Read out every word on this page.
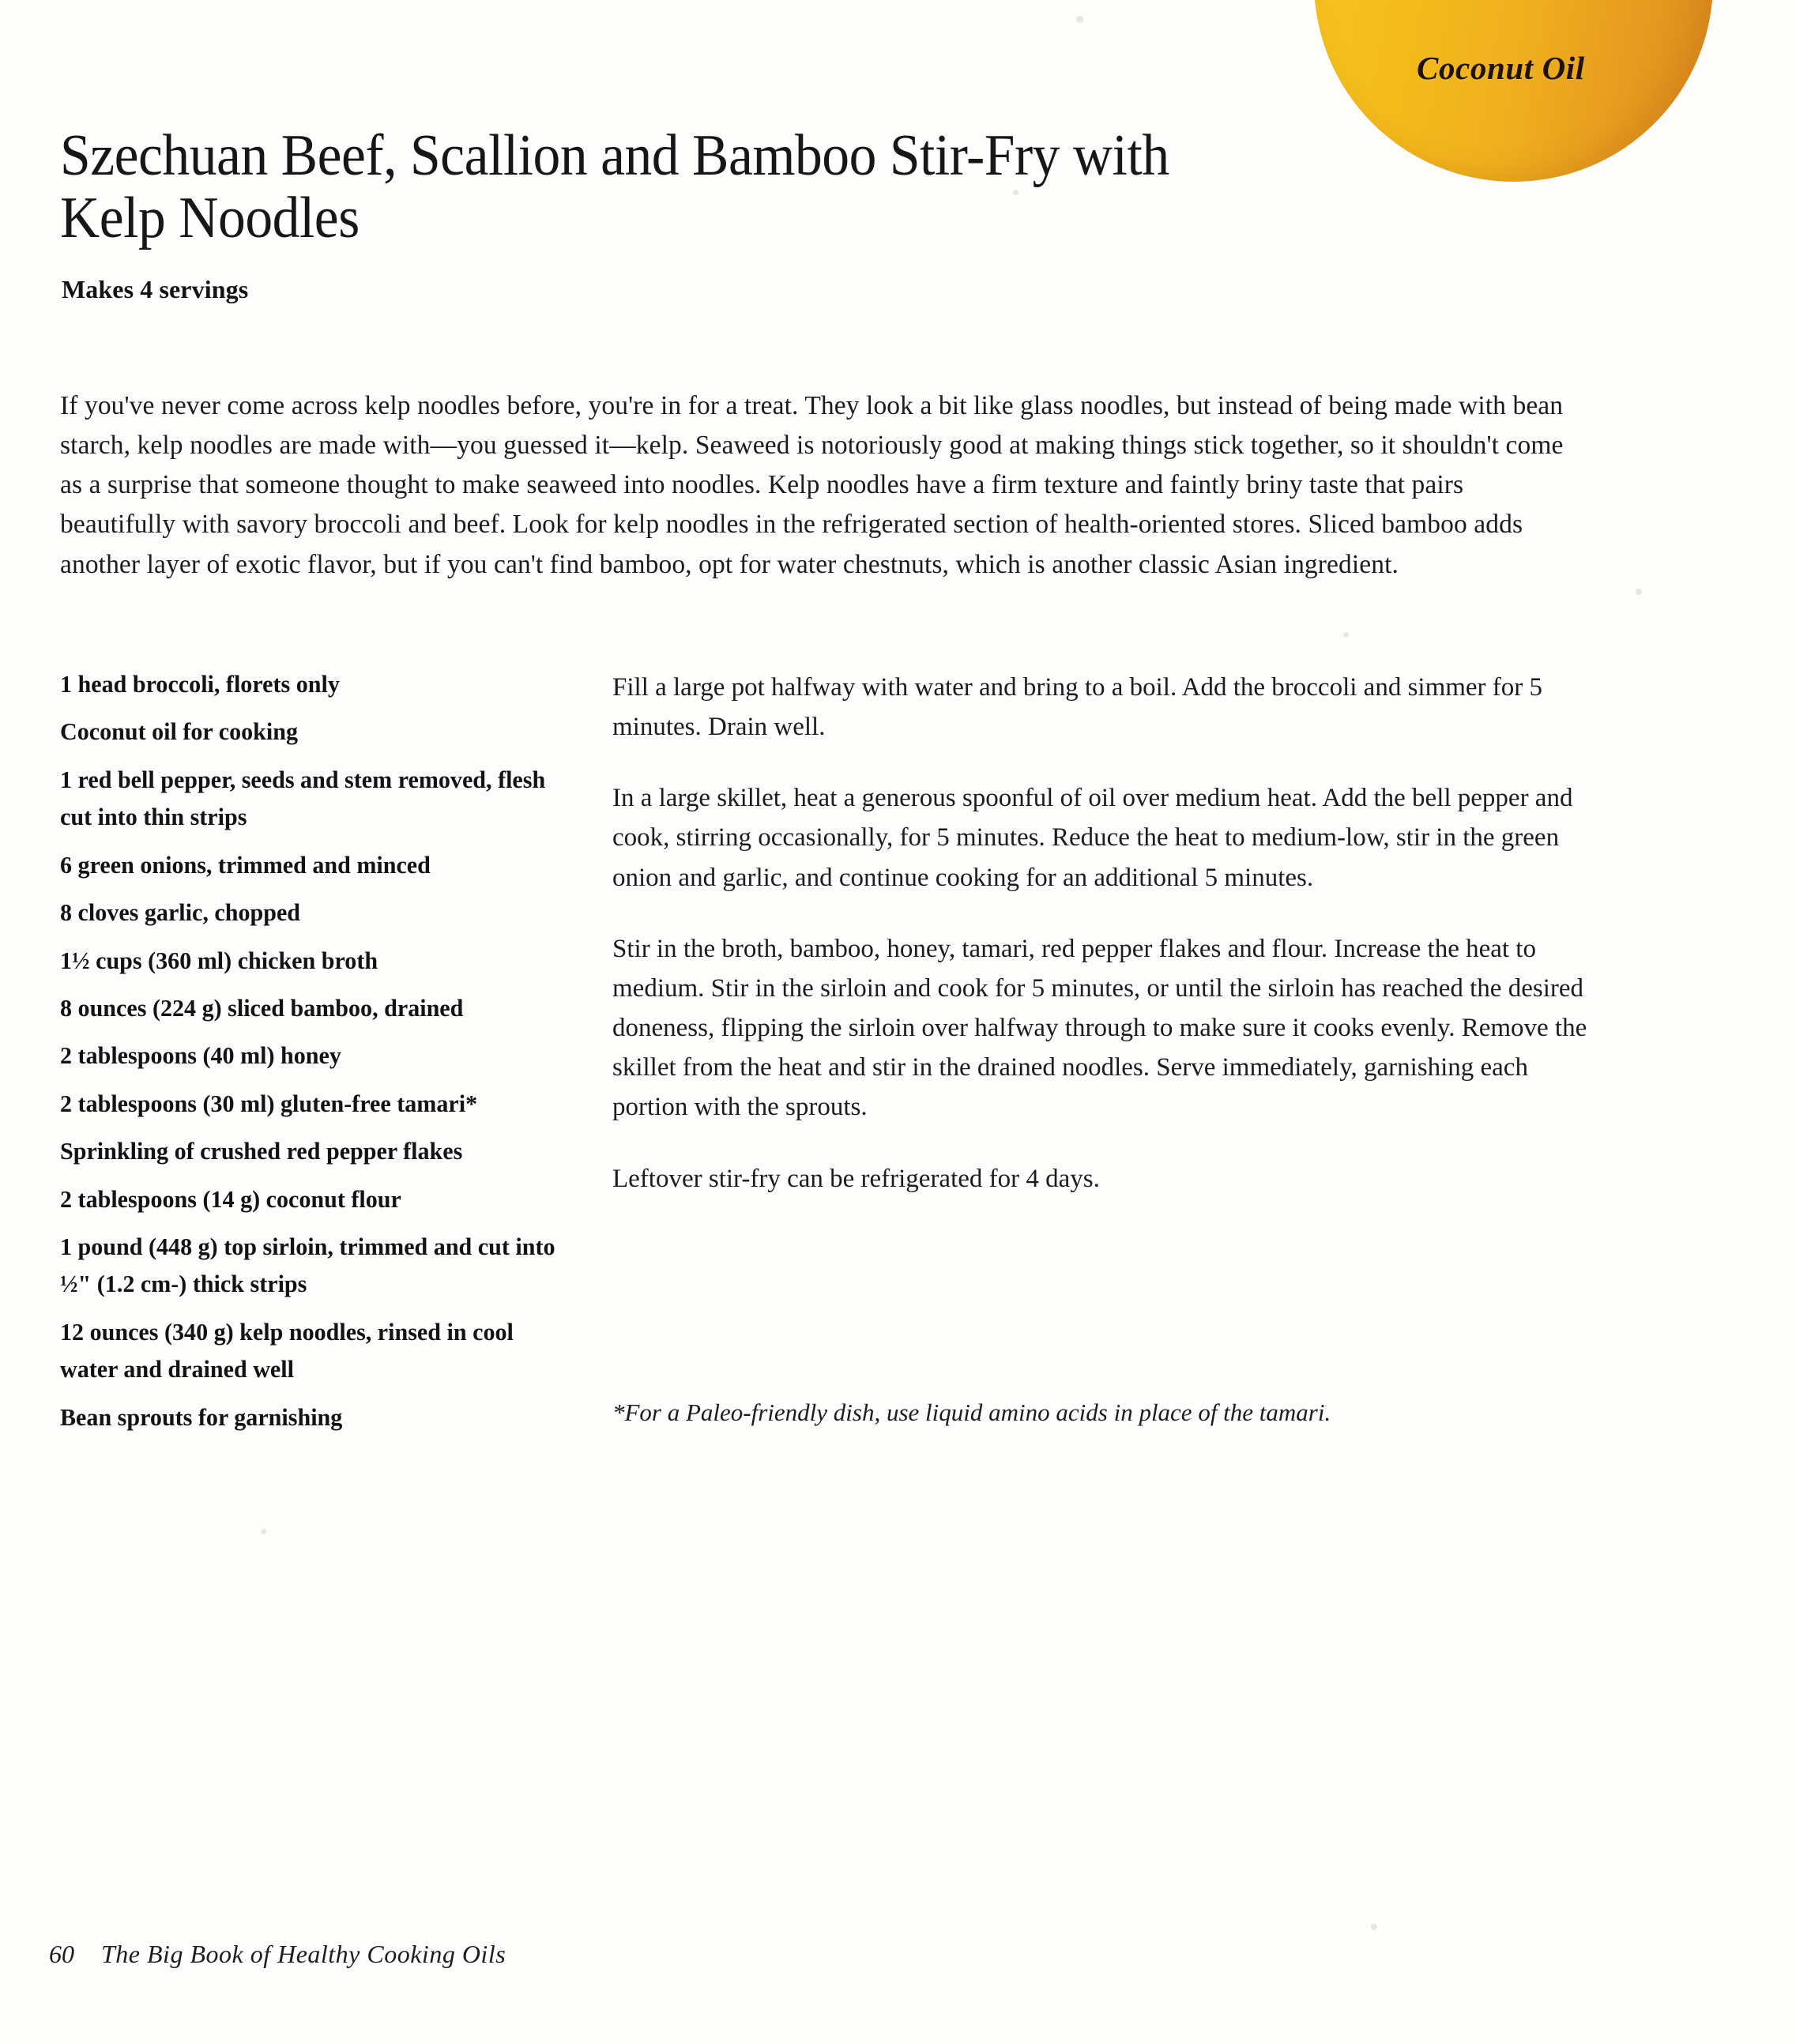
Coconut Oil
Szechuan Beef, Scallion and Bamboo Stir-Fry with Kelp Noodles
Makes 4 servings

If you've never come across kelp noodles before, you're in for a treat. They look a bit like glass noodles, but instead of being made with bean starch, kelp noodles are made with—you guessed it—kelp. Seaweed is notoriously good at making things stick together, so it shouldn't come as a surprise that someone thought to make seaweed into noodles. Kelp noodles have a firm texture and faintly briny taste that pairs beautifully with savory broccoli and beef. Look for kelp noodles in the refrigerated section of health-oriented stores. Sliced bamboo adds another layer of exotic flavor, but if you can't find bamboo, opt for water chestnuts, which is another classic Asian ingredient.

1 head broccoli, florets only
Coconut oil for cooking
1 red bell pepper, seeds and stem removed, flesh cut into thin strips
6 green onions, trimmed and minced
8 cloves garlic, chopped
1½ cups (360 ml) chicken broth
8 ounces (224 g) sliced bamboo, drained
2 tablespoons (40 ml) honey
2 tablespoons (30 ml) gluten-free tamari*
Sprinkling of crushed red pepper flakes
2 tablespoons (14 g) coconut flour
1 pound (448 g) top sirloin, trimmed and cut into ½" (1.2 cm-) thick strips
12 ounces (340 g) kelp noodles, rinsed in cool water and drained well
Bean sprouts for garnishing

Fill a large pot halfway with water and bring to a boil. Add the broccoli and simmer for 5 minutes. Drain well.

In a large skillet, heat a generous spoonful of oil over medium heat. Add the bell pepper and cook, stirring occasionally, for 5 minutes. Reduce the heat to medium-low, stir in the green onion and garlic, and continue cooking for an additional 5 minutes.

Stir in the broth, bamboo, honey, tamari, red pepper flakes and flour. Increase the heat to medium. Stir in the sirloin and cook for 5 minutes, or until the sirloin has reached the desired doneness, flipping the sirloin over halfway through to make sure it cooks evenly. Remove the skillet from the heat and stir in the drained noodles. Serve immediately, garnishing each portion with the sprouts.

Leftover stir-fry can be refrigerated for 4 days.

*For a Paleo-friendly dish, use liquid amino acids in place of the tamari.

60 The Big Book of Healthy Cooking Oils
